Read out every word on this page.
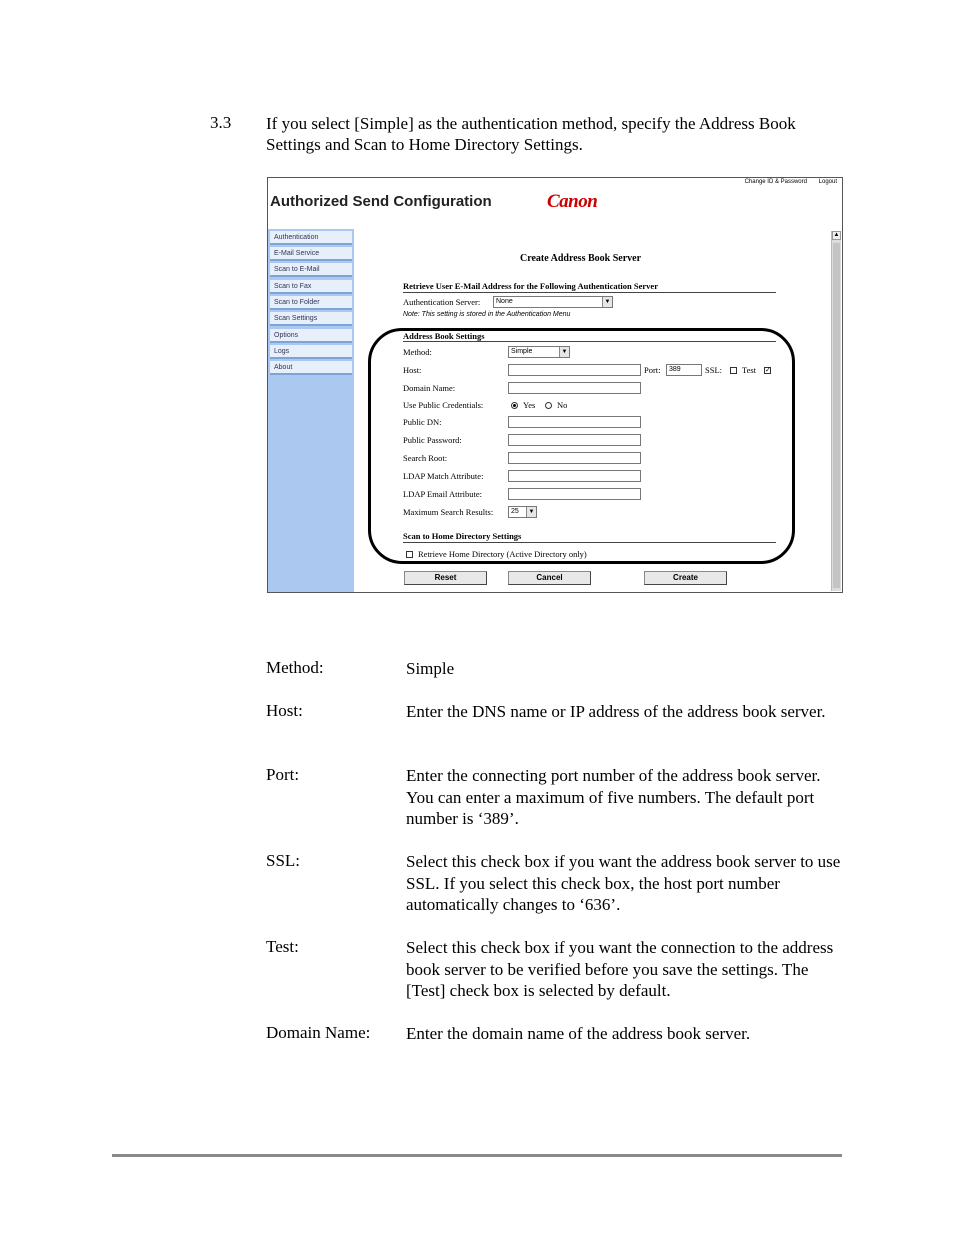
3.3 If you select [Simple] as the authentication method, specify the Address Book Settings and Scan to Home Directory Settings.
Change ID & Password Logout
Authorized Send Configuration	Canon
Authentication
E-Mail Service
Scan to E-Mail
Scan to Fax
Scan to Folder
Scan Settings
Options
Logs
About
Create Address Book Server
Retrieve User E-Mail Address for the Following Authentication Server
Authentication Server:	None	▼
Note: This setting is stored in the Authentication Menu
Address Book Settings
Method:	Simple	▼
Host:	Port:	389	SSL: Test ✓
Domain Name:
Use Public Credentials:	Yes	No
Public DN:
Public Password:
Search Root:
LDAP Match Attribute:
LDAP Email Attribute:
Maximum Search Results:	25	▼
Scan to Home Directory Settings
Retrieve Home Directory (Active Directory only)
Reset	Cancel	Create
▲
Method:	Simple
Host:	Enter the DNS name or IP address of the address book server.
Port:	Enter the connecting port number of the address book server. You can enter a maximum of five numbers. The default port number is ‘389’.
SSL:	Select this check box if you want the address book server to use SSL. If you select this check box, the host port number automatically changes to ‘636’.
Test:	Select this check box if you want the connection to the address book server to be verified before you save the settings. The [Test] check box is selected by default.
Domain Name: Enter the domain name of the address book server.
